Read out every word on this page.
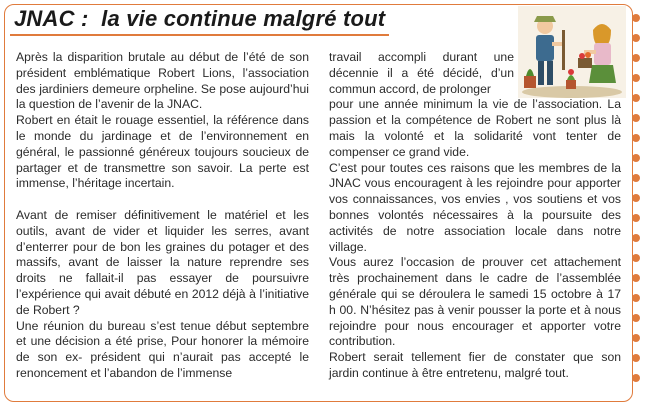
JNAC :  la vie continue malgré tout

Après la disparition brutale au début de l’été de son président emblématique Robert Lions, l’association des jardiniers demeure orpheline. Se pose aujourd’hui la question de l’avenir de la JNAC.

Robert en était le rouage essentiel, la référence dans le monde du jardinage et de l’environnement en général, le passionné généreux toujours soucieux de partager et de transmettre son savoir. La perte est immense, l’héritage incertain.

Avant de remiser définitivement le matériel et les outils, avant de vider et liquider les serres, avant d’enterrer pour de bon les graines du potager et des massifs, avant de laisser la nature reprendre ses droits ne fallait-il pas essayer de poursuivre l’expérience qui avait débuté en 2012 déjà à l’initiative de Robert ?

Une réunion du bureau s’est tenue début septembre et une décision a été prise, Pour honorer la mémoire de son ex- président qui n’aurait pas accepté le renoncement et l’abandon de l’immense

travail accompli durant une décennie il a été décidé, d’un commun accord, de prolonger

pour une année minimum la vie de l’association. La passion et la compétence de Robert ne sont plus là mais la volonté et la solidarité vont tenter de compenser ce grand vide.

C’est pour toutes ces raisons que les membres de la JNAC vous encouragent à les rejoindre pour apporter vos connaissances, vos envies , vos soutiens et vos bonnes volontés nécessaires à la poursuite des activités de notre association locale dans notre village.

Vous aurez l’occasion de prouver cet attachement très prochainement dans le cadre de l’assemblée générale qui se déroulera le samedi 15 octobre à 17 h 00. N’hésitez pas à venir pousser la porte et à nous rejoindre pour nous encourager et apporter votre contribution.

Robert serait tellement fier de constater que son jardin continue à être entretenu, malgré tout.
